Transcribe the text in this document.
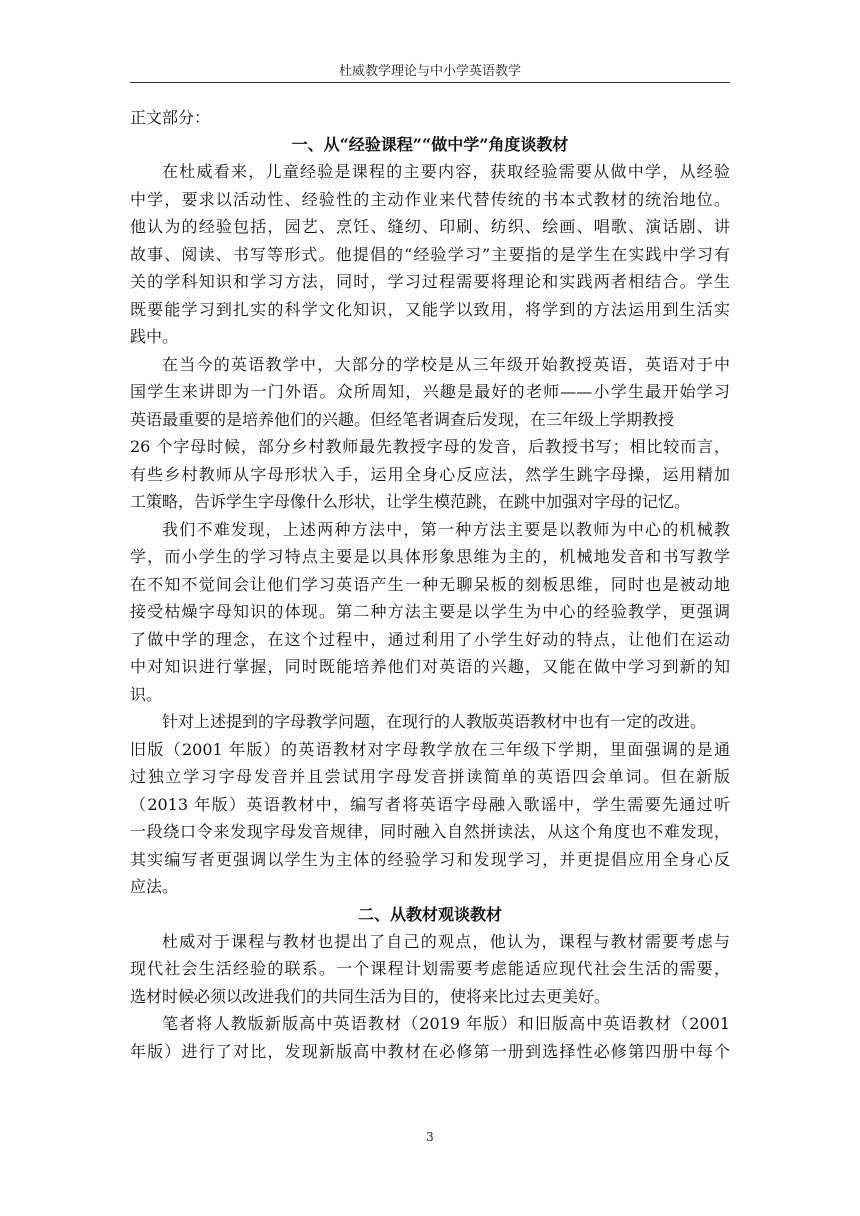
杜威教学理论与中小学英语教学
正文部分：
一、从“经验课程”“做中学”角度谈教材
在杜威看来，儿童经验是课程的主要内容，获取经验需要从做中学，从经验
中学，要求以活动性、经验性的主动作业来代替传统的书本式教材的统治地位。
他认为的经验包括，园艺、烹饪、缝纫、印刷、纺织、绘画、唱歌、演话剧、讲
故事、阅读、书写等形式。他提倡的“经验学习”主要指的是学生在实践中学习有
关的学科知识和学习方法，同时，学习过程需要将理论和实践两者相结合。学生
既要能学习到扎实的科学文化知识，又能学以致用，将学到的方法运用到生活实
践中。
在当今的英语教学中，大部分的学校是从三年级开始教授英语，英语对于中
国学生来讲即为一门外语。众所周知，兴趣是最好的老师——小学生最开始学习
英语最重要的是培养他们的兴趣。但经笔者调查后发现，在三年级上学期教授
26 个字母时候，部分乡村教师最先教授字母的发音，后教授书写；相比较而言，
有些乡村教师从字母形状入手，运用全身心反应法，然学生跳字母操，运用精加
工策略，告诉学生字母像什么形状，让学生模范跳，在跳中加强对字母的记忆。
我们不难发现，上述两种方法中，第一种方法主要是以教师为中心的机械教
学，而小学生的学习特点主要是以具体形象思维为主的，机械地发音和书写教学
在不知不觉间会让他们学习英语产生一种无聊呆板的刻板思维，同时也是被动地
接受枯燥字母知识的体现。第二种方法主要是以学生为中心的经验教学，更强调
了做中学的理念，在这个过程中，通过利用了小学生好动的特点，让他们在运动
中对知识进行掌握，同时既能培养他们对英语的兴趣，又能在做中学习到新的知
识。
针对上述提到的字母教学问题，在现行的人教版英语教材中也有一定的改进。
旧版（2001 年版）的英语教材对字母教学放在三年级下学期，里面强调的是通
过独立学习字母发音并且尝试用字母发音拼读简单的英语四会单词。但在新版
（2013 年版）英语教材中，编写者将英语字母融入歌谣中，学生需要先通过听
一段绕口令来发现字母发音规律，同时融入自然拼读法，从这个角度也不难发现，
其实编写者更强调以学生为主体的经验学习和发现学习，并更提倡应用全身心反
应法。
二、从教材观谈教材
杜威对于课程与教材也提出了自己的观点，他认为，课程与教材需要考虑与
现代社会生活经验的联系。一个课程计划需要考虑能适应现代社会生活的需要，
选材时候必须以改进我们的共同生活为目的，使将来比过去更美好。
笔者将人教版新版高中英语教材（2019 年版）和旧版高中英语教材（2001
年版）进行了对比，发现新版高中教材在必修第一册到选择性必修第四册中每个
3
